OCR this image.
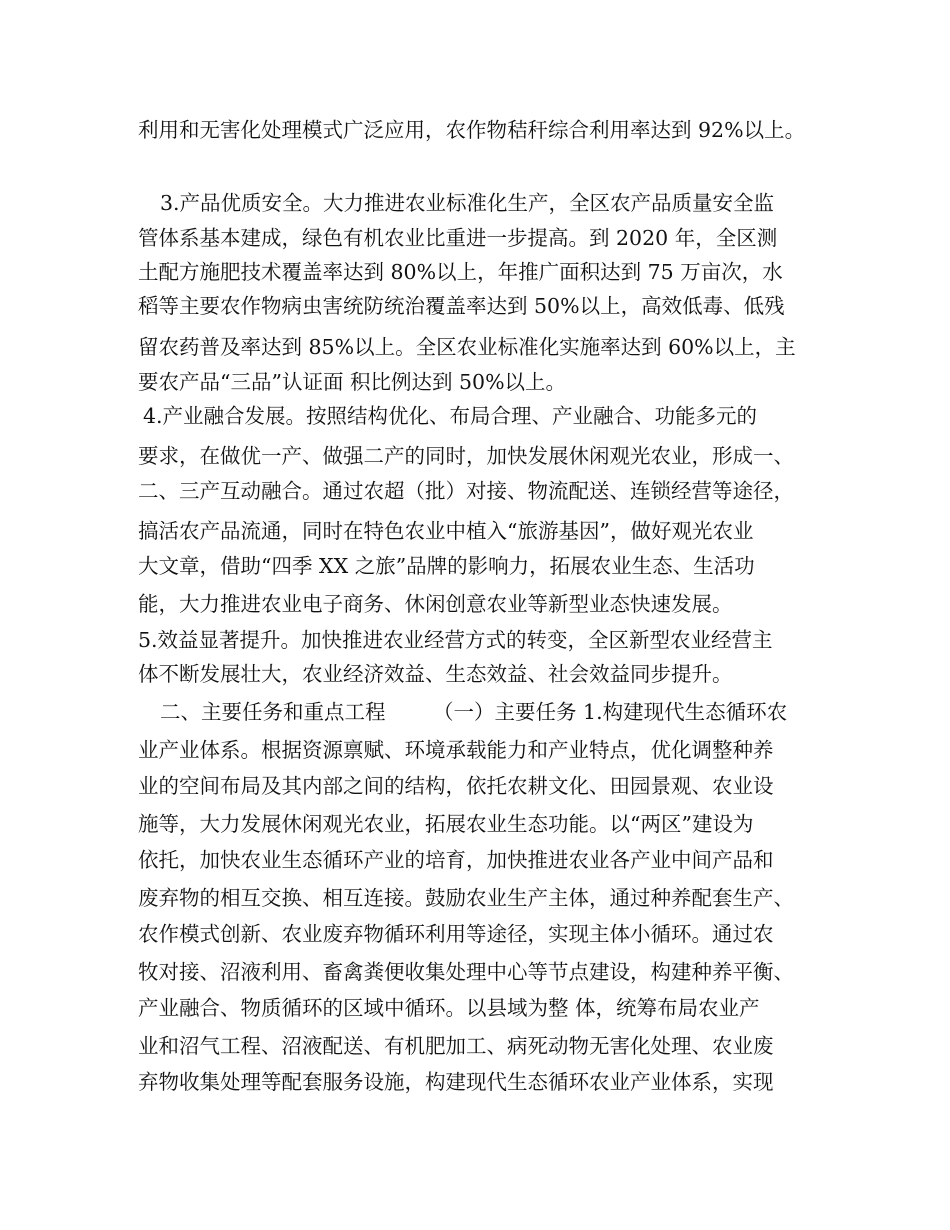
利用和无害化处理模式广泛应用，农作物秸秆综合利用率达到 92%以上。
3.产品优质安全。大力推进农业标准化生产，全区农产品质量安全监
管体系基本建成，绿色有机农业比重进一步提高。到 2020 年，全区测
土配方施肥技术覆盖率达到 80%以上，年推广面积达到 75 万亩次，水
稻等主要农作物病虫害统防统治覆盖率达到 50%以上，高效低毒、低残
留农药普及率达到 85%以上。全区农业标准化实施率达到 60%以上，主
要农产品“三品”认证面 积比例达到 50%以上。
4.产业融合发展。按照结构优化、布局合理、产业融合、功能多元的
要求，在做优一产、做强二产的同时，加快发展休闲观光农业，形成一、
二、三产互动融合。通过农超（批）对接、物流配送、连锁经营等途径，
搞活农产品流通，同时在特色农业中植入“旅游基因”，做好观光农业
大文章，借助“四季 XX 之旅”品牌的影响力，拓展农业生态、生活功
能，大力推进农业电子商务、休闲创意农业等新型业态快速发展。
5.效益显著提升。加快推进农业经营方式的转变，全区新型农业经营主
体不断发展壮大，农业经济效益、生态效益、社会效益同步提升。
二、主要任务和重点工程　　 （一）主要任务 1.构建现代生态循环农
业产业体系。根据资源禀赋、环境承载能力和产业特点，优化调整种养
业的空间布局及其内部之间的结构，依托农耕文化、田园景观、农业设
施等，大力发展休闲观光农业，拓展农业生态功能。以“两区”建设为
依托，加快农业生态循环产业的培育，加快推进农业各产业中间产品和
废弃物的相互交换、相互连接。鼓励农业生产主体，通过种养配套生产、
农作模式创新、农业废弃物循环利用等途径，实现主体小循环。通过农
牧对接、沼液利用、畜禽粪便收集处理中心等节点建设，构建种养平衡、
产业融合、物质循环的区域中循环。以县域为整 体，统筹布局农业产
业和沼气工程、沼液配送、有机肥加工、病死动物无害化处理、农业废
弃物收集处理等配套服务设施，构建现代生态循环农业产业体系，实现
